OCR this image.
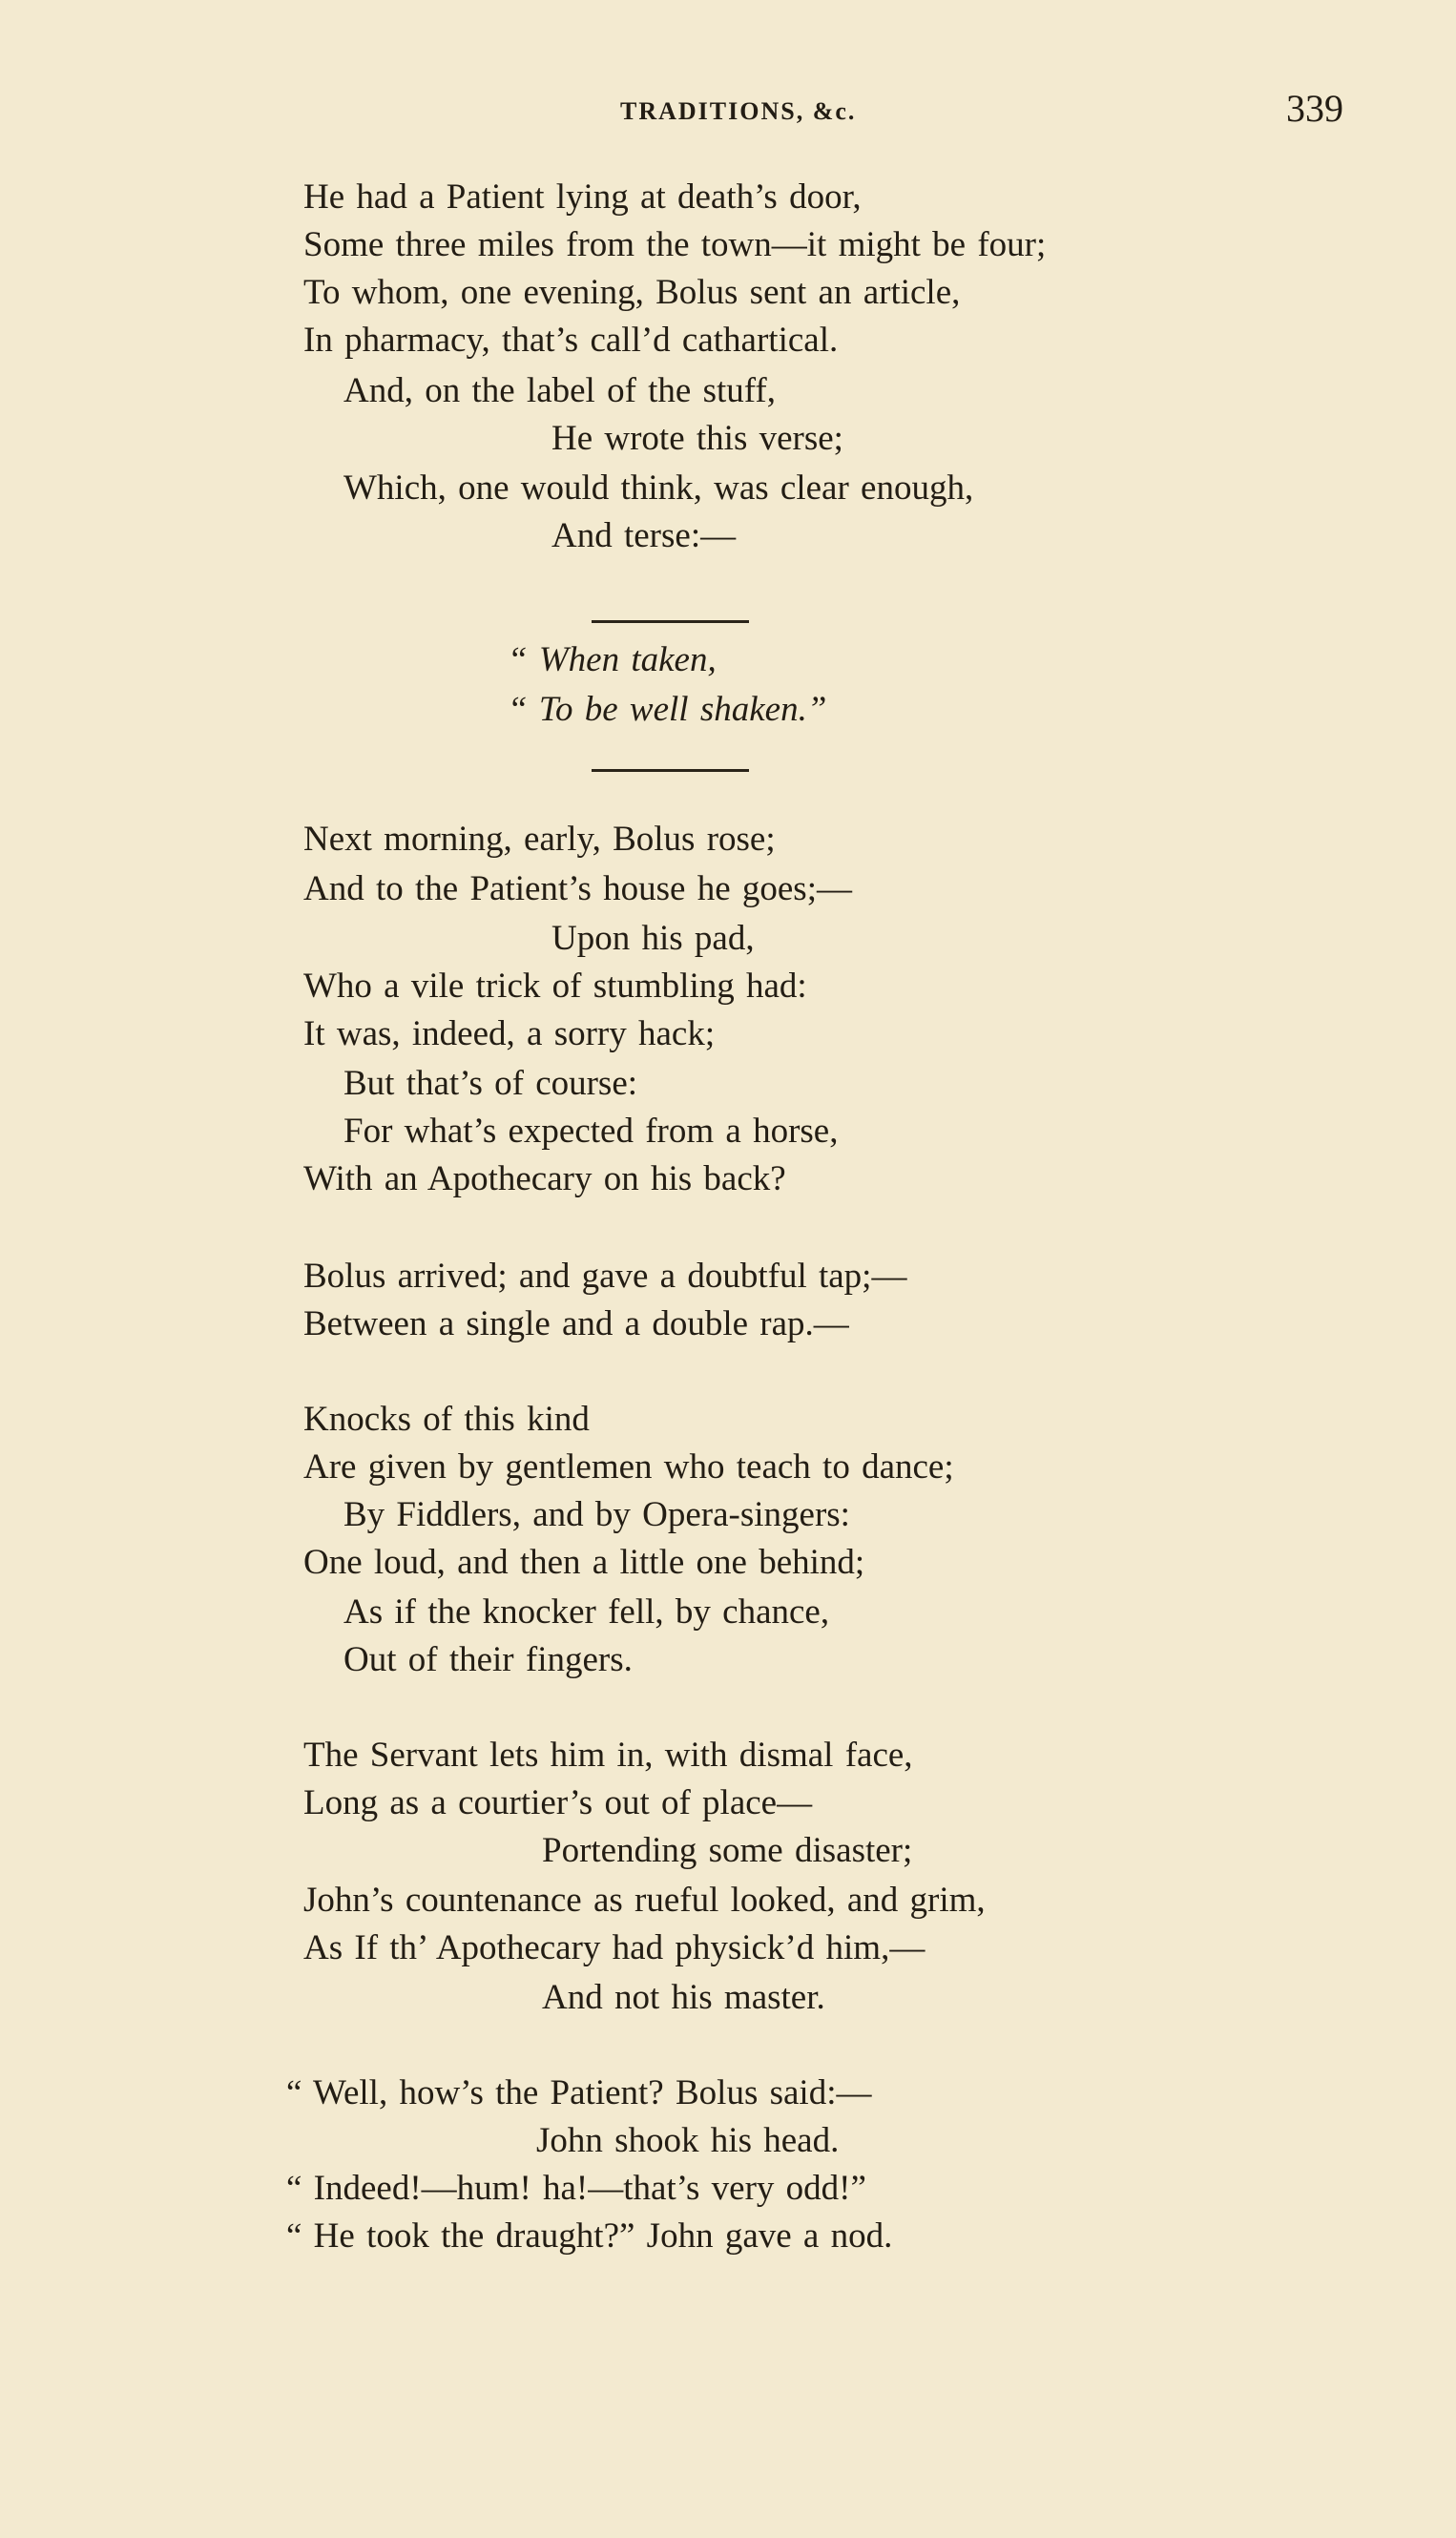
TRADITIONS, &c.	339
He had a Patient lying at death’s door,
Some three miles from the town—it might be four;
To whom, one evening, Bolus sent an article,
In pharmacy, that’s call’d cathartical.
And, on the label of the stuff,
He wrote this verse;
Which, one would think, was clear enough,
And terse:—
“ When taken,
“ To be well shaken.”
Next morning, early, Bolus rose;
And to the Patient’s house he goes;—
Upon his pad,
Who a vile trick of stumbling had:
It was, indeed, a sorry hack;
But that’s of course:
For what’s expected from a horse,
With an Apothecary on his back?
Bolus arrived; and gave a doubtful tap;—
Between a single and a double rap.—
Knocks of this kind
Are given by gentlemen who teach to dance;
By Fiddlers, and by Opera-singers:
One loud, and then a little one behind;
As if the knocker fell, by chance,
Out of their fingers.
The Servant lets him in, with dismal face,
Long as a courtier’s out of place—
Portending some disaster;
John’s countenance as rueful looked, and grim,
As If th’ Apothecary had physick’d him,—
And not his master.
“ Well, how’s the Patient? Bolus said:—
John shook his head.
“ Indeed!—hum! ha!—that’s very odd!”
“ He took the draught?” John gave a nod.
